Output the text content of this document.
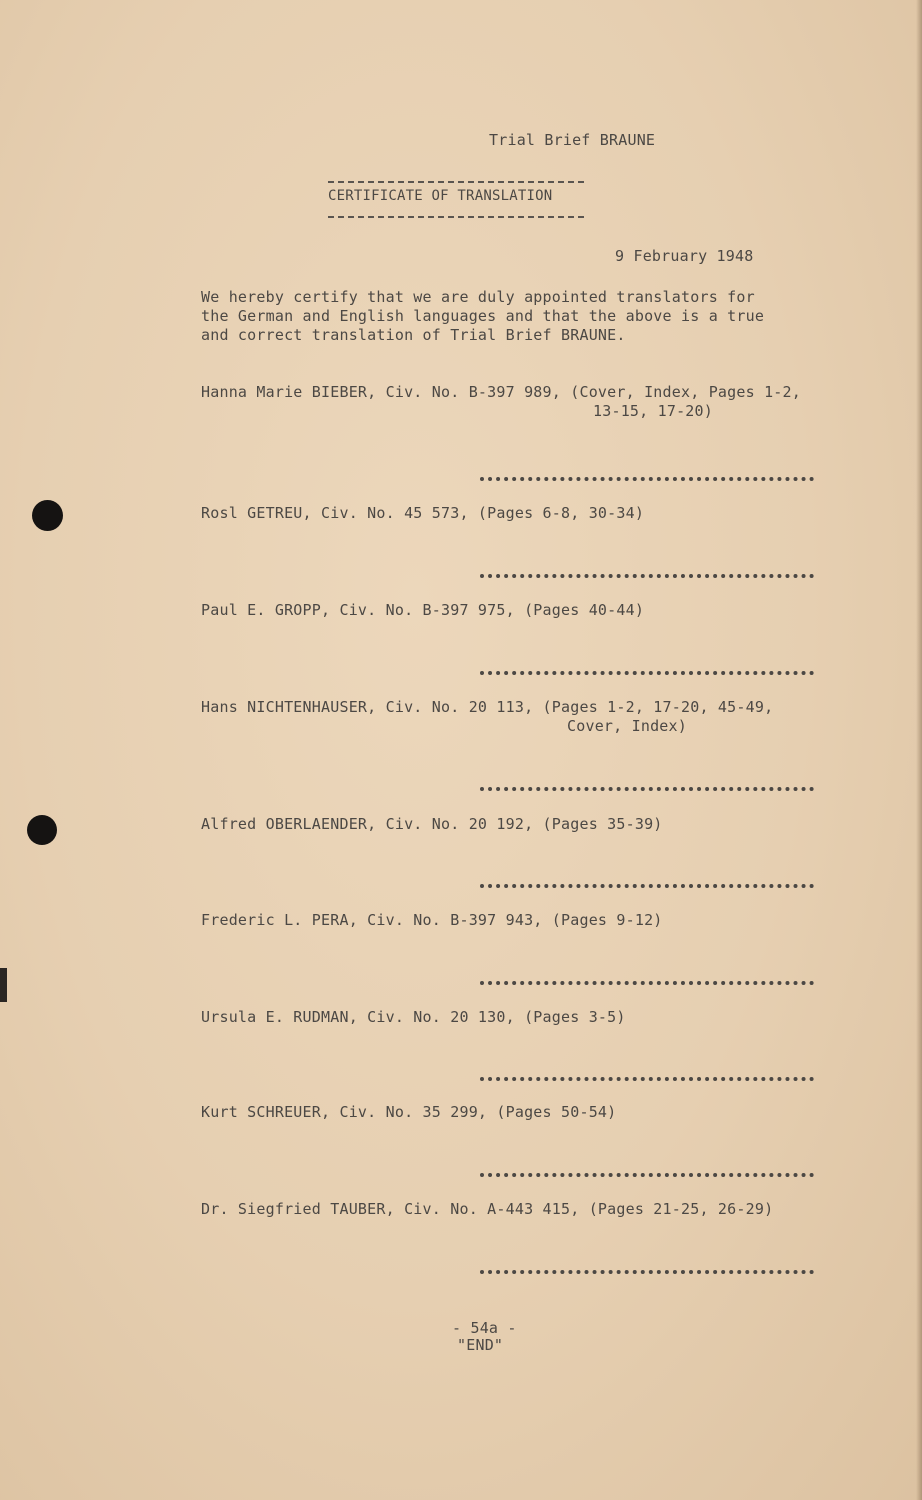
Trial Brief BRAUNE
CERTIFICATE OF TRANSLATION
9 February 1948
We hereby certify that we are duly appointed translators for
the German and English languages and that the above is a true
and correct translation of Trial Brief BRAUNE.
Hanna Marie BIEBER, Civ. No. B-397 989, (Cover, Index, Pages 1-2,
13-15, 17-20)
Rosl GETREU, Civ. No. 45 573, (Pages 6-8, 30-34)
Paul E. GROPP, Civ. No. B-397 975, (Pages 40-44)
Hans NICHTENHAUSER, Civ. No. 20 113, (Pages 1-2, 17-20, 45-49,
Cover, Index)
Alfred OBERLAENDER, Civ. No. 20 192, (Pages 35-39)
Frederic L. PERA, Civ. No. B-397 943, (Pages 9-12)
Ursula E. RUDMAN, Civ. No. 20 130, (Pages 3-5)
Kurt SCHREUER, Civ. No. 35 299, (Pages 50-54)
Dr. Siegfried TAUBER, Civ. No. A-443 415, (Pages 21-25, 26-29)
- 54a -
"END"
